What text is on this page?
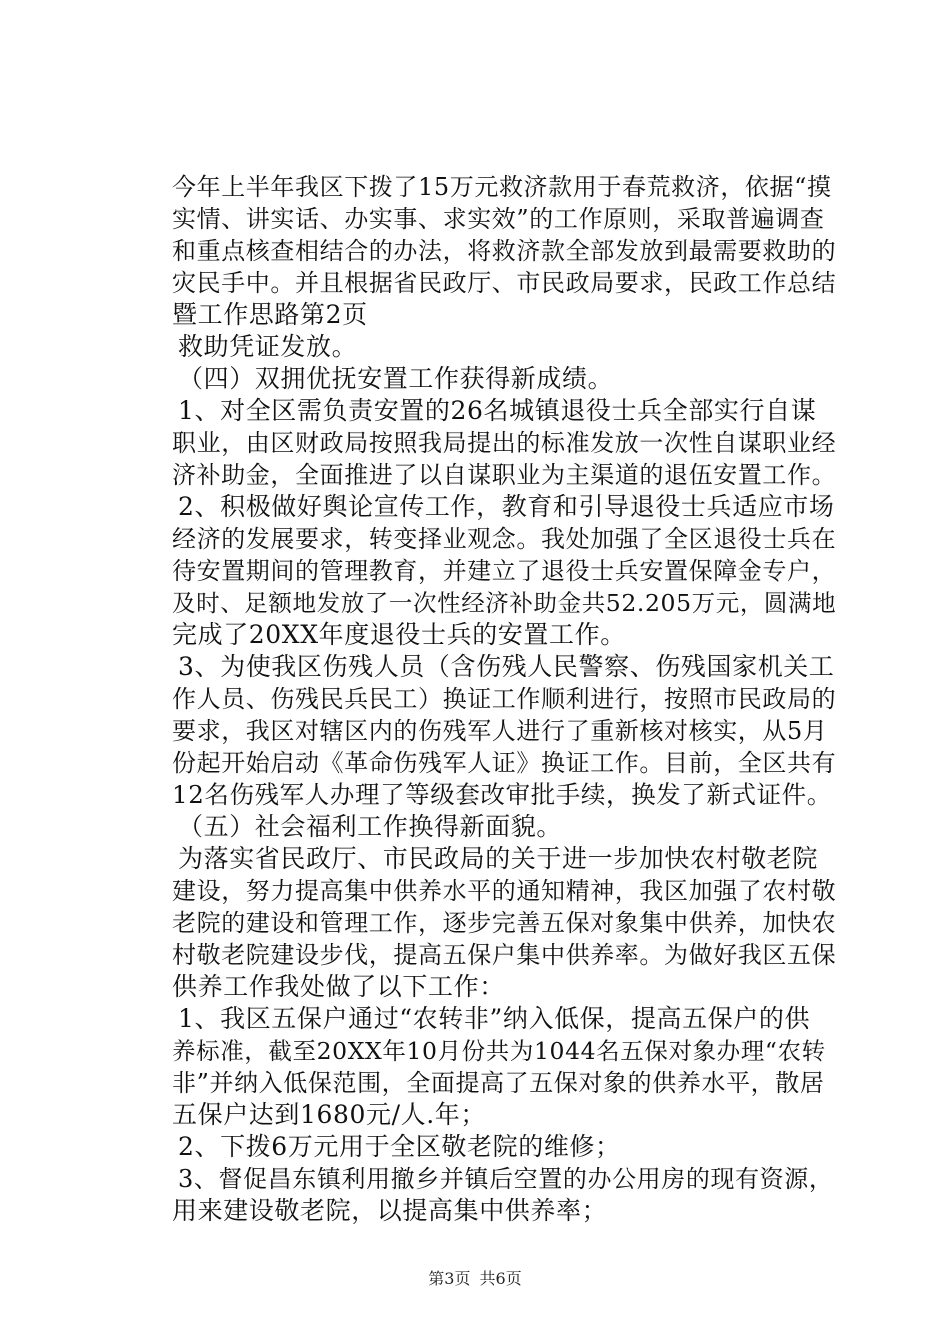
今年上半年我区下拨了15万元救济款用于春荒救济，依据“摸
实情、讲实话、办实事、求实效”的工作原则，采取普遍调查
和重点核查相结合的办法，将救济款全部发放到最需要救助的
灾民手中。并且根据省民政厅、市民政局要求，民政工作总结
暨工作思路第2页
救助凭证发放。
（四）双拥优抚安置工作获得新成绩。
1、对全区需负责安置的26名城镇退役士兵全部实行自谋
职业，由区财政局按照我局提出的标准发放一次性自谋职业经
济补助金，全面推进了以自谋职业为主渠道的退伍安置工作。
2、积极做好舆论宣传工作，教育和引导退役士兵适应市场
经济的发展要求，转变择业观念。我处加强了全区退役士兵在
待安置期间的管理教育，并建立了退役士兵安置保障金专户，
及时、足额地发放了一次性经济补助金共52.205万元，圆满地
完成了20XX年度退役士兵的安置工作。
3、为使我区伤残人员（含伤残人民警察、伤残国家机关工
作人员、伤残民兵民工）换证工作顺利进行，按照市民政局的
要求，我区对辖区内的伤残军人进行了重新核对核实，从5月
份起开始启动《革命伤残军人证》换证工作。目前，全区共有
12名伤残军人办理了等级套改审批手续，换发了新式证件。
（五）社会福利工作换得新面貌。
为落实省民政厅、市民政局的关于进一步加快农村敬老院
建设，努力提高集中供养水平的通知精神，我区加强了农村敬
老院的建设和管理工作，逐步完善五保对象集中供养，加快农
村敬老院建设步伐，提高五保户集中供养率。为做好我区五保
供养工作我处做了以下工作：
1、我区五保户通过“农转非”纳入低保，提高五保户的供
养标准，截至20XX年10月份共为1044名五保对象办理“农转
非”并纳入低保范围，全面提高了五保对象的供养水平，散居
五保户达到1680元/人.年；
2、下拨6万元用于全区敬老院的维修；
3、督促昌东镇利用撤乡并镇后空置的办公用房的现有资源，
用来建设敬老院，以提高集中供养率；
第3页 共6页
